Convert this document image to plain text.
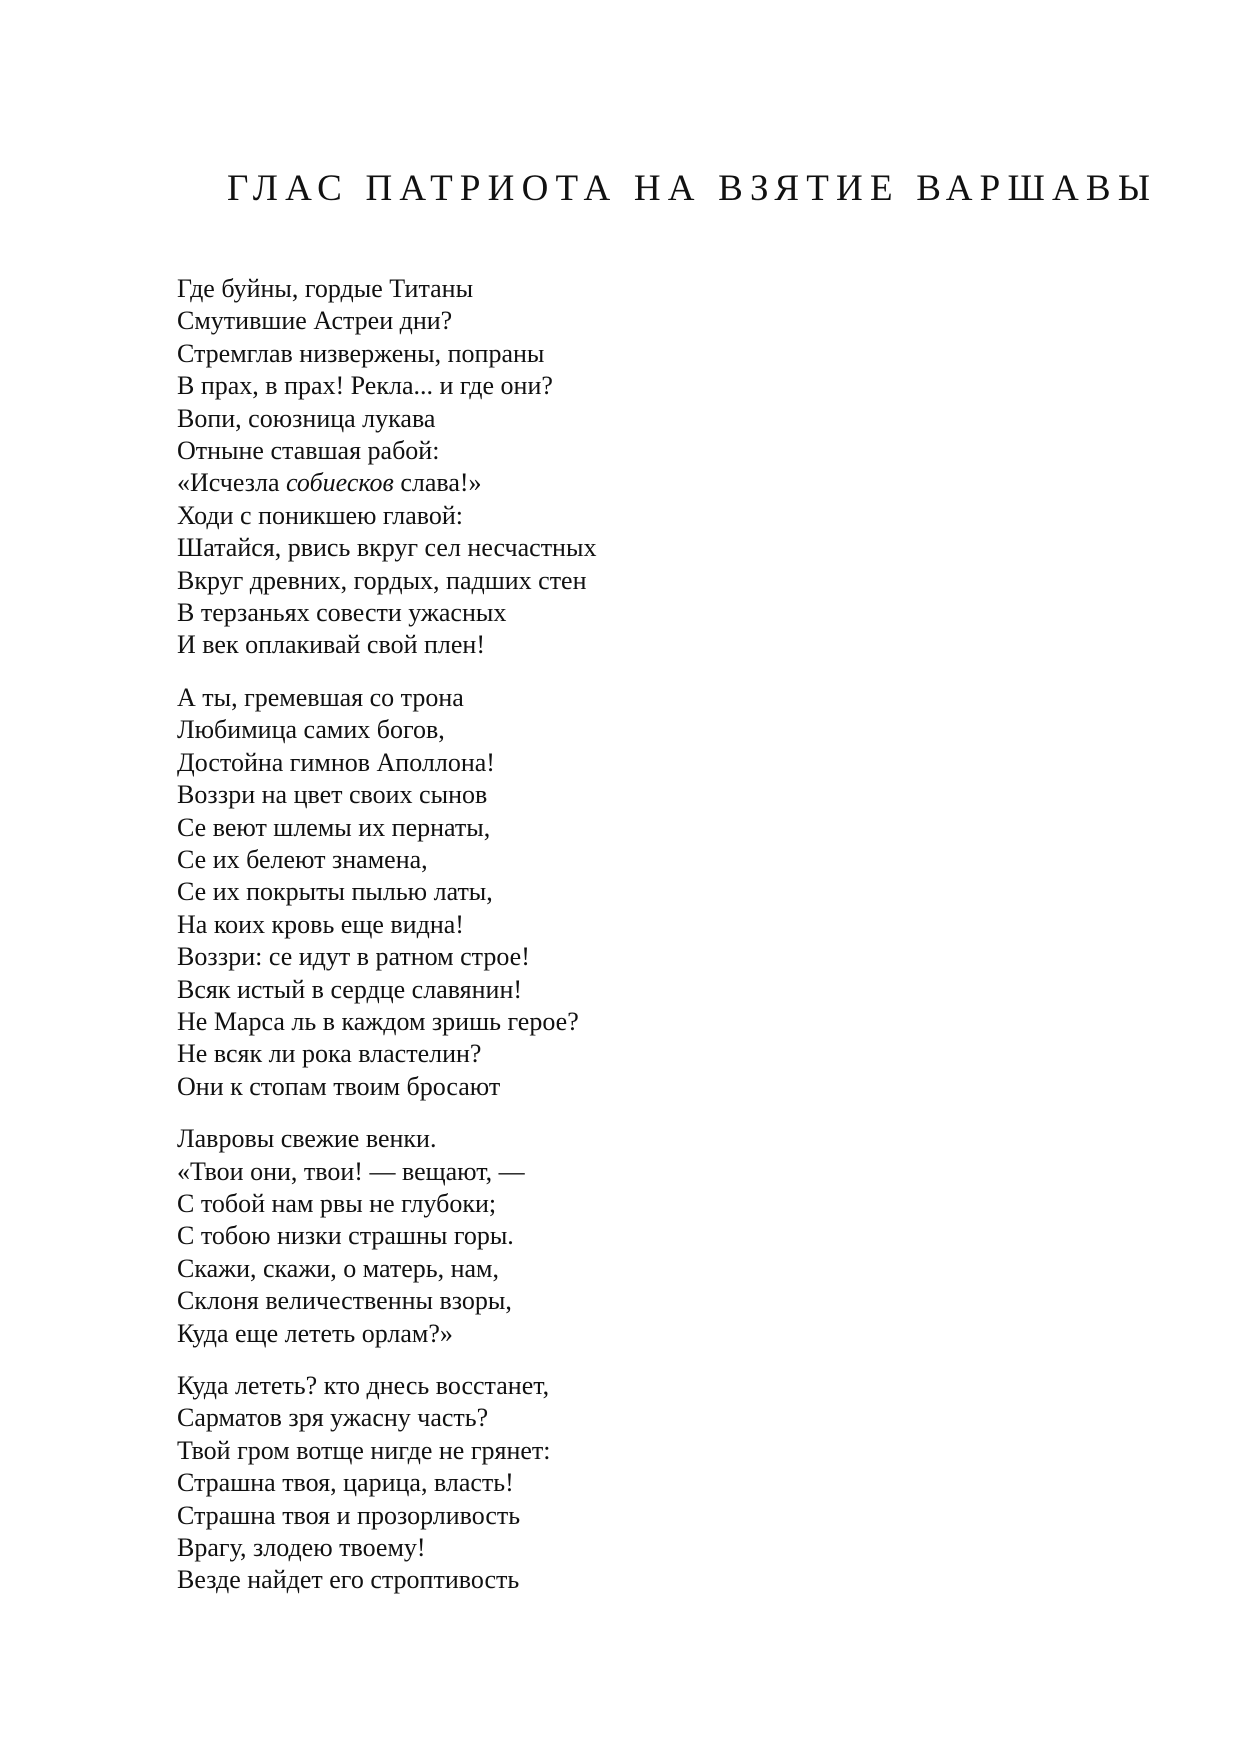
ГЛАС ПАТРИОТА НА ВЗЯТИЕ ВАРШАВЫ
Где буйны, гордые Титаны
Смутившие Астреи дни?
Стремглав низвержены, попраны
В прах, в прах! Рекла... и где они?
Вопи, союзница лукава
Отныне ставшая рабой:
«Исчезла собиесков слава!»
Ходи с поникшею главой:
Шатайся, рвись вкруг сел несчастных
Вкруг древних, гордых, падших стен
В терзаньях совести ужасных
И век оплакивай свой плен!
А ты, гремевшая со трона
Любимица самих богов,
Достойна гимнов Аполлона!
Воззри на цвет своих сынов
Се веют шлемы их пернаты,
Се их белеют знамена,
Се их покрыты пылью латы,
На коих кровь еще видна!
Воззри: се идут в ратном строе!
Всяк истый в сердце славянин!
Не Марса ль в каждом зришь герое?
Не всяк ли рока властелин?
Они к стопам твоим бросают
Лавровы свежие венки.
«Твои они, твои! — вещают, —
С тобой нам рвы не глубоки;
С тобою низки страшны горы.
Скажи, скажи, о матерь, нам,
Склоня величественны взоры,
Куда еще лететь орлам?»
Куда лететь? кто днесь восстанет,
Сарматов зря ужасну часть?
Твой гром вотще нигде не грянет:
Страшна твоя, царица, власть!
Страшна твоя и прозорливость
Врагу, злодею твоему!
Везде найдет его строптивость
